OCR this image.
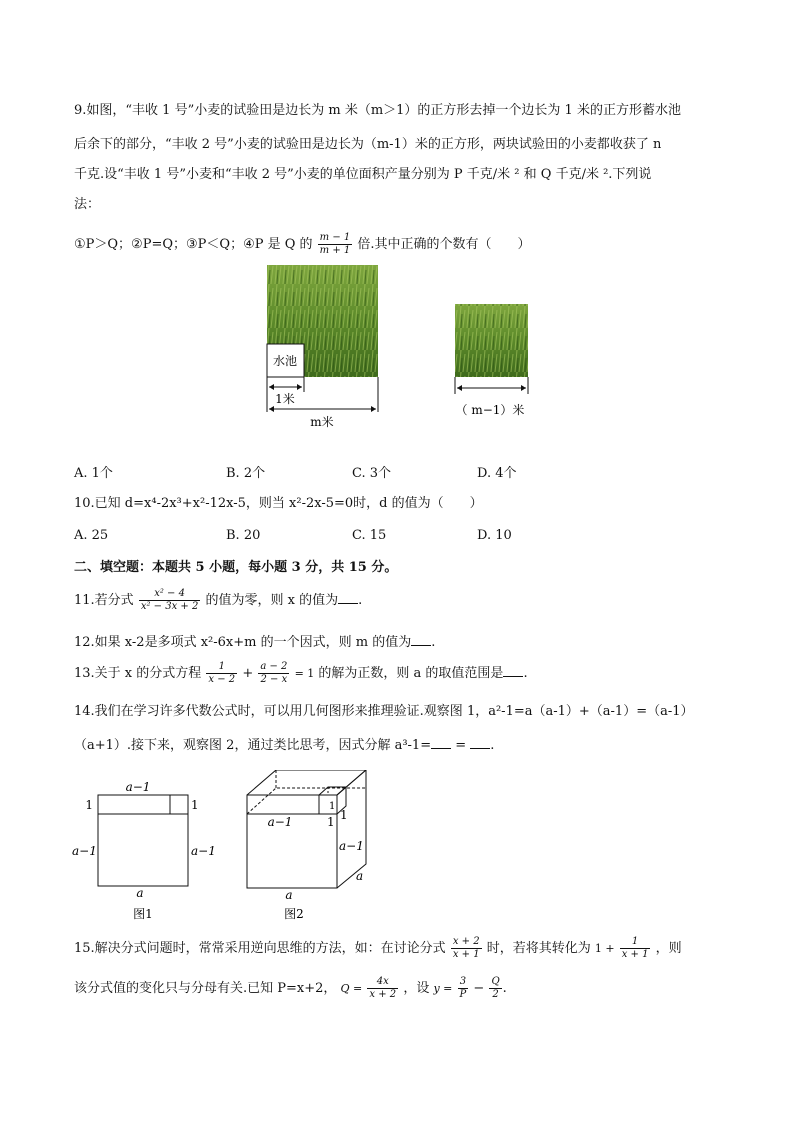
9.如图，“丰收 1 号”小麦的试验田是边长为 m 米（m＞1）的正方形去掉一个边长为 1 米的正方形蓄水池
后余下的部分，“丰收 2 号”小麦的试验田是边长为（m-1）米的正方形，两块试验田的小麦都收获了 n
千克.设“丰收 1 号”小麦和“丰收 2 号”小麦的单位面积产量分别为 P 千克/米 ² 和 Q 千克/米 ².下列说
法：
①P＞Q；②P=Q；③P＜Q；④P 是 Q 的 $\frac{m - 1}{m + 1}$ 倍.其中正确的个数有（　　）
水池
1米
m米
（ m−1）米
A. 1个	B. 2个	C. 3个	D. 4个
10.已知 d=x⁴-2x³+x²-12x-5，则当 x²-2x-5=0时，d 的值为（　　）
A. 25	B. 20	C. 15	D. 10
二、填空题：本题共 5 小题，每小题 3 分，共 15 分。
11.若分式 $\frac{\text{x² − 4}}{\text{x² − 3x + 2}}$ 的值为零，则 x 的值为 .
12.如果 x-2是多项式 x²-6x+m 的一个因式，则 m 的值为 .
13.关于 x 的分式方程 $\frac{1}{x - 2} + \frac{a - 2}{2 - x} = 1$ 的解为正数，则 a 的取值范围是 .
14.我们在学习许多代数公式时，可以用几何图形来推理验证.观察图 1，a²-1=a（a-1）+（a-1）=（a-1）
（a+1）.接下来，观察图 2，通过类比思考，因式分解 a³-1= = .
a−1
1	1
a−1	a−1
a
图1
a−1	1
1
1
a−1
a
a
图2
15.解决分式问题时，常常采用逆向思维的方法，如：在讨论分式 $\frac{x + 2}{x + 1}$ 时，若将其转化为 $1 + \frac{1}{x + 1}$ ，则
该分式值的变化只与分母有关.已知 P=x+2， $Q = \frac{4x}{x + 2}$ ，设 $y = \frac{3}{P} - \frac{Q}{2}$ .
